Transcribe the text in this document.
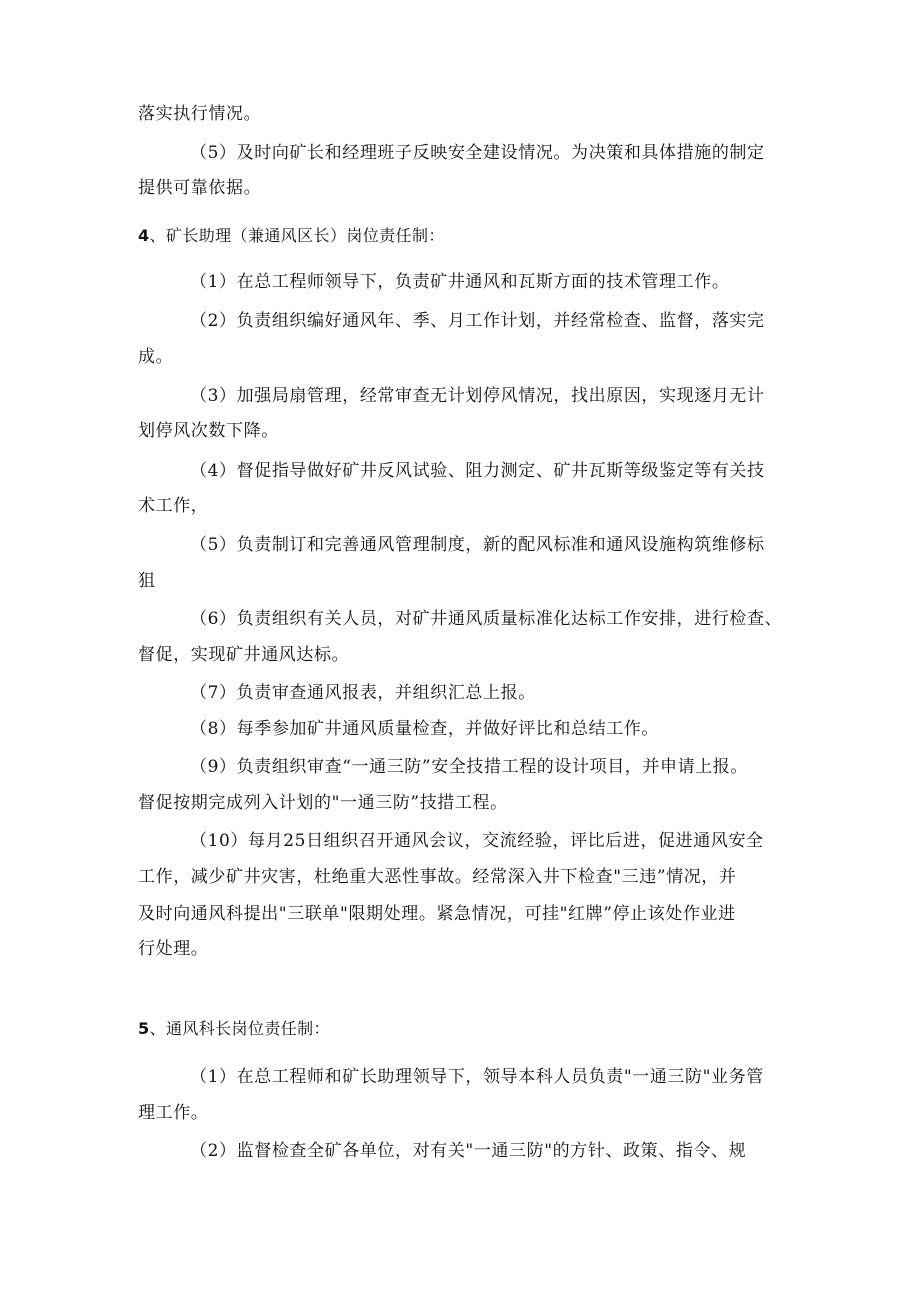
落实执行情况。
（5）及时向矿长和经理班子反映安全建设情况。为决策和具体措施的制定
提供可靠依据。
4、矿长助理（兼通风区长）岗位责任制：
（1）在总工程师领导下，负责矿井通风和瓦斯方面的技术管理工作。
（2）负责组织编好通风年、季、月工作计划，并经常检查、监督，落实完
成。
（3）加强局扇管理，经常审查无计划停风情况，找出原因，实现逐月无计
划停风次数下降。
（4）督促指导做好矿井反风试验、阻力测定、矿井瓦斯等级鉴定等有关技
术工作，
（5）负责制订和完善通风管理制度，新的配风标准和通风设施构筑维修标
狙
（6）负责组织有关人员，对矿井通风质量标准化达标工作安排，进行检查、
督促，实现矿井通风达标。
（7）负责审查通风报表，并组织汇总上报。
（8）每季参加矿井通风质量检查，并做好评比和总结工作。
（9）负责组织审查“一通三防”安全技措工程的设计项目，并申请上报。
督促按期完成列入计划的"一通三防”技措工程。
（10）每月25日组织召开通风会议，交流经验，评比后进，促进通风安全
工作，减少矿井灾害，杜绝重大恶性事故。经常深入井下检查"三违”情况，并
及时向通风科提出"三联单"限期处理。紧急情况，可挂"红牌”停止该处作业进
行处理。
5、通风科长岗位责任制：
（1）在总工程师和矿长助理领导下，领导本科人员负责"一通三防"业务管
理工作。
（2）监督检查全矿各单位，对有关"一通三防"的方针、政策、指令、规
